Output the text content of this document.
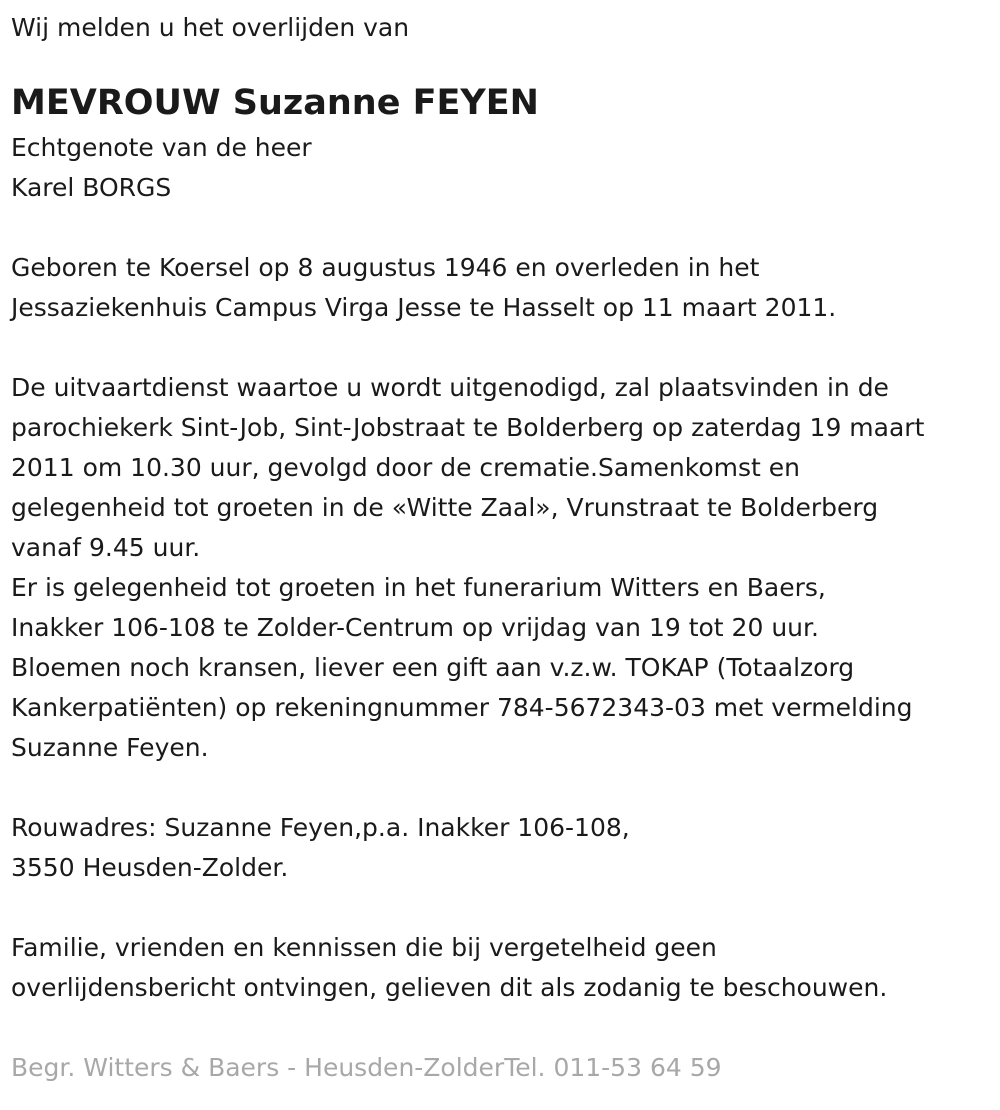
Wij melden u het overlijden van

MEVROUW Suzanne FEYEN

Echtgenote van de heer

Karel BORGS

Geboren te Koersel op 8 augustus 1946 en overleden in het

Jessaziekenhuis Campus Virga Jesse te Hasselt op 11 maart 2011.

De uitvaartdienst waartoe u wordt uitgenodigd, zal plaatsvinden in de

parochiekerk Sint-Job, Sint-Jobstraat te Bolderberg op zaterdag 19 maart

2011 om 10.30 uur, gevolgd door de crematie.Samenkomst en

gelegenheid tot groeten in de «Witte Zaal», Vrunstraat te Bolderberg

vanaf 9.45 uur.

Er is gelegenheid tot groeten in het funerarium Witters en Baers,

Inakker 106-108 te Zolder-Centrum op vrijdag van 19 tot 20 uur.

Bloemen noch kransen, liever een gift aan v.z.w. TOKAP (Totaalzorg

Kankerpatiënten) op rekeningnummer 784-5672343-03 met vermelding

Suzanne Feyen.

Rouwadres: Suzanne Feyen,p.a. Inakker 106-108,

3550 Heusden-Zolder.

Familie, vrienden en kennissen die bij vergetelheid geen

overlijdensbericht ontvingen, gelieven dit als zodanig te beschouwen.

Begr. Witters & Baers - Heusden-ZolderTel. 011-53 64 59
